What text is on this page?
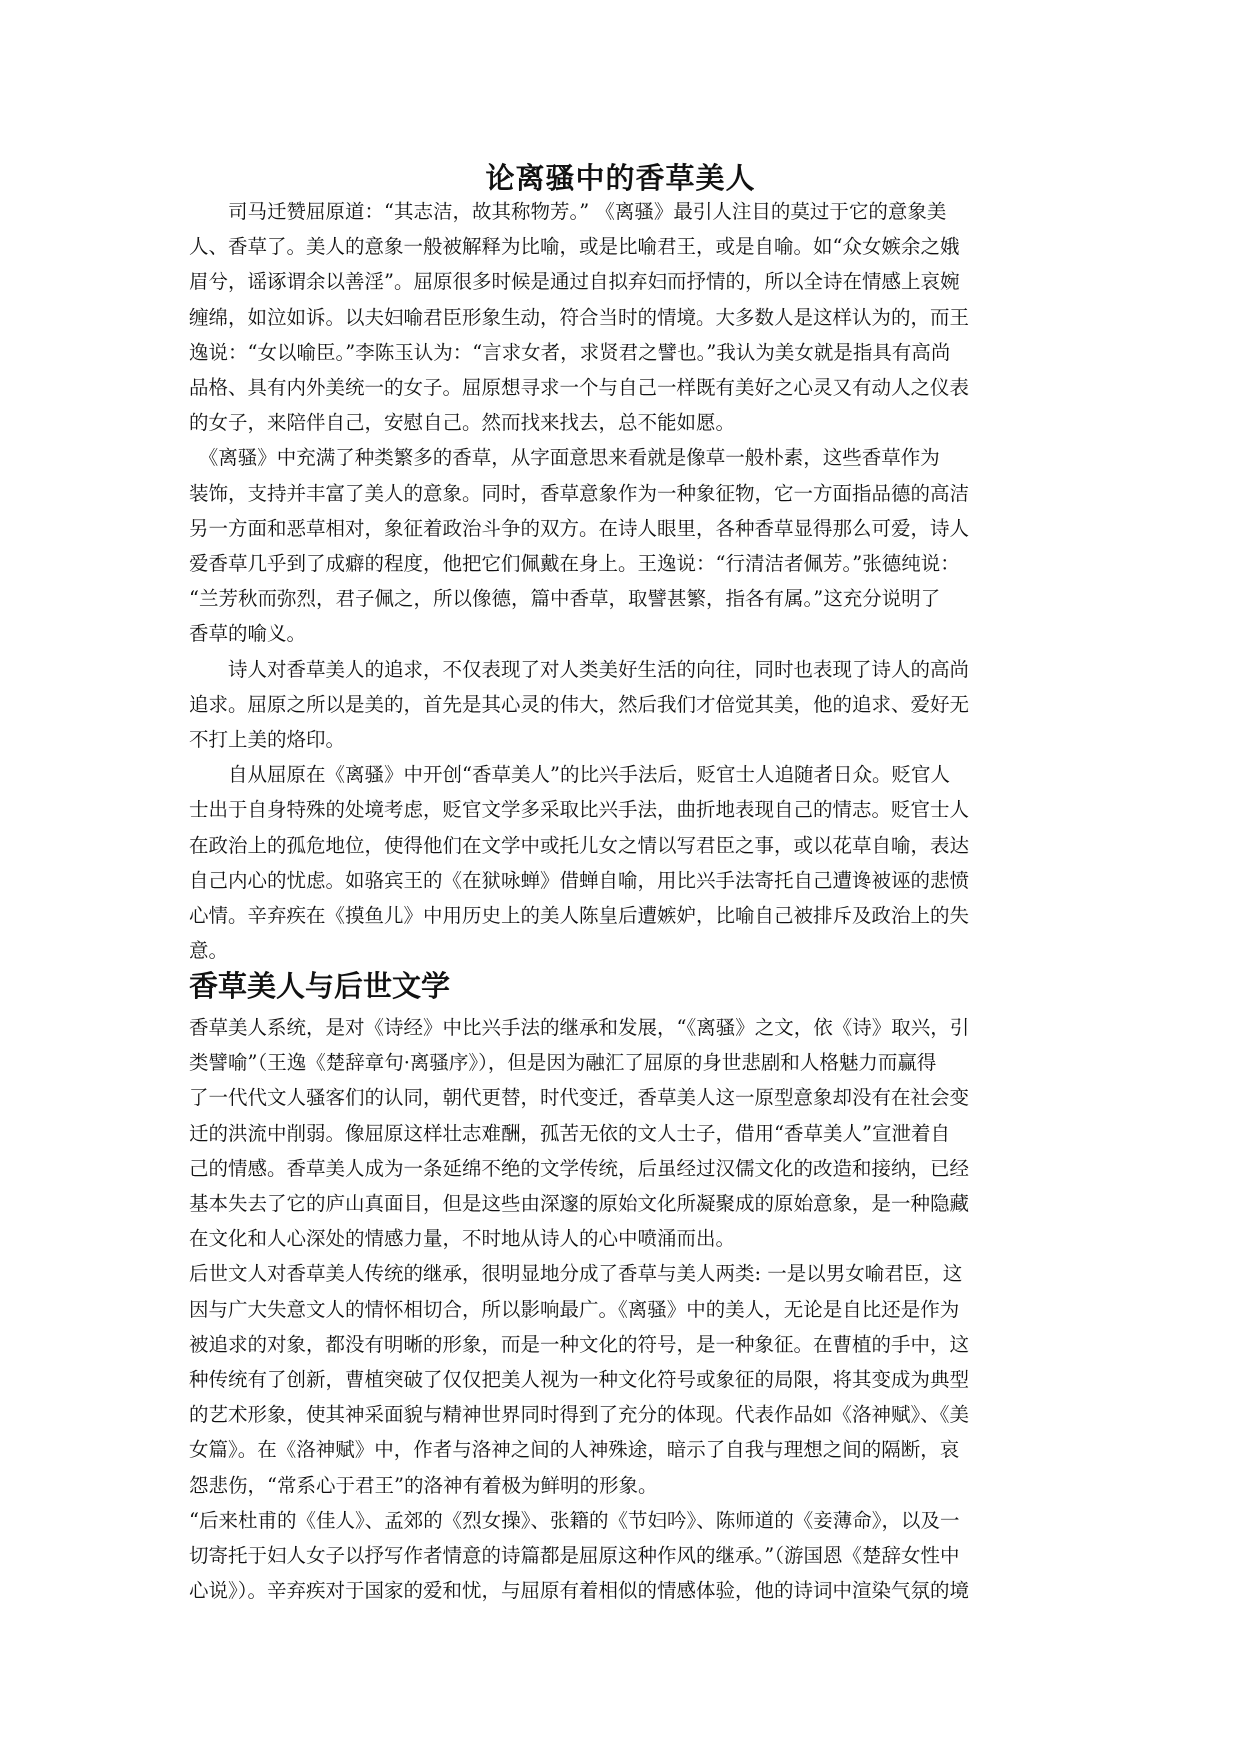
论离骚中的香草美人
司马迁赞屈原道：“其志洁，故其称物芳。” 《离骚》最引人注目的莫过于它的意象美
人、香草了。美人的意象一般被解释为比喻，或是比喻君王，或是自喻。如“众女嫉余之娥
眉兮，谣诼谓余以善淫”。屈原很多时候是通过自拟弃妇而抒情的，所以全诗在情感上哀婉
缠绵，如泣如诉。以夫妇喻君臣形象生动，符合当时的情境。大多数人是这样认为的，而王
逸说：“女以喻臣。”李陈玉认为：“言求女者，求贤君之譬也。”我认为美女就是指具有高尚
品格、具有内外美统一的女子。屈原想寻求一个与自己一样既有美好之心灵又有动人之仪表
的女子，来陪伴自己，安慰自己。然而找来找去，总不能如愿。
　《离骚》中充满了种类繁多的香草，从字面意思来看就是像草一般朴素，这些香草作为
装饰，支持并丰富了美人的意象。同时，香草意象作为一种象征物，它一方面指品德的高洁
另一方面和恶草相对，象征着政治斗争的双方。在诗人眼里，各种香草显得那么可爱，诗人
爱香草几乎到了成癖的程度，他把它们佩戴在身上。王逸说：“行清洁者佩芳。”张德纯说：
“兰芳秋而弥烈，君子佩之，所以像德，篇中香草，取譬甚繁，指各有属。”这充分说明了
香草的喻义。
诗人对香草美人的追求，不仅表现了对人类美好生活的向往，同时也表现了诗人的高尚
追求。屈原之所以是美的，首先是其心灵的伟大，然后我们才倍觉其美，他的追求、爱好无
不打上美的烙印。
自从屈原在《离骚》中开创“香草美人”的比兴手法后，贬官士人追随者日众。贬官人
士出于自身特殊的处境考虑，贬官文学多采取比兴手法，曲折地表现自己的情志。贬官士人
在政治上的孤危地位，使得他们在文学中或托儿女之情以写君臣之事，或以花草自喻，表达
自己内心的忧虑。如骆宾王的《在狱咏蝉》借蝉自喻，用比兴手法寄托自己遭谗被诬的悲愤
心情。辛弃疾在《摸鱼儿》中用历史上的美人陈皇后遭嫉妒，比喻自己被排斥及政治上的失
意。
香草美人与后世文学
香草美人系统，是对《诗经》中比兴手法的继承和发展，“《离骚》之文，依《诗》取兴，引
类譬喻”（王逸《楚辞章句·离骚序》），但是因为融汇了屈原的身世悲剧和人格魅力而赢得
了一代代文人骚客们的认同，朝代更替，时代变迁，香草美人这一原型意象却没有在社会变
迁的洪流中削弱。像屈原这样壮志难酬，孤苦无依的文人士子，借用“香草美人”宣泄着自
己的情感。香草美人成为一条延绵不绝的文学传统，后虽经过汉儒文化的改造和接纳，已经
基本失去了它的庐山真面目，但是这些由深邃的原始文化所凝聚成的原始意象，是一种隐藏
在文化和人心深处的情感力量，不时地从诗人的心中喷涌而出。
后世文人对香草美人传统的继承，很明显地分成了香草与美人两类: 一是以男女喻君臣，这
因与广大失意文人的情怀相切合，所以影响最广。《离骚》中的美人，无论是自比还是作为
被追求的对象，都没有明晰的形象，而是一种文化的符号，是一种象征。在曹植的手中，这
种传统有了创新，曹植突破了仅仅把美人视为一种文化符号或象征的局限，将其变成为典型
的艺术形象，使其神采面貌与精神世界同时得到了充分的体现。代表作品如《洛神赋》、《美
女篇》。在《洛神赋》中，作者与洛神之间的人神殊途，暗示了自我与理想之间的隔断，哀
怨悲伤，“常系心于君王”的洛神有着极为鲜明的形象。
“后来杜甫的《佳人》、孟郊的《烈女操》、张籍的《节妇吟》、陈师道的《妾薄命》，以及一
切寄托于妇人女子以抒写作者情意的诗篇都是屈原这种作风的继承。”（游国恩《楚辞女性中
心说》）。辛弃疾对于国家的爱和忧，与屈原有着相似的情感体验，他的诗词中渲染气氛的境
